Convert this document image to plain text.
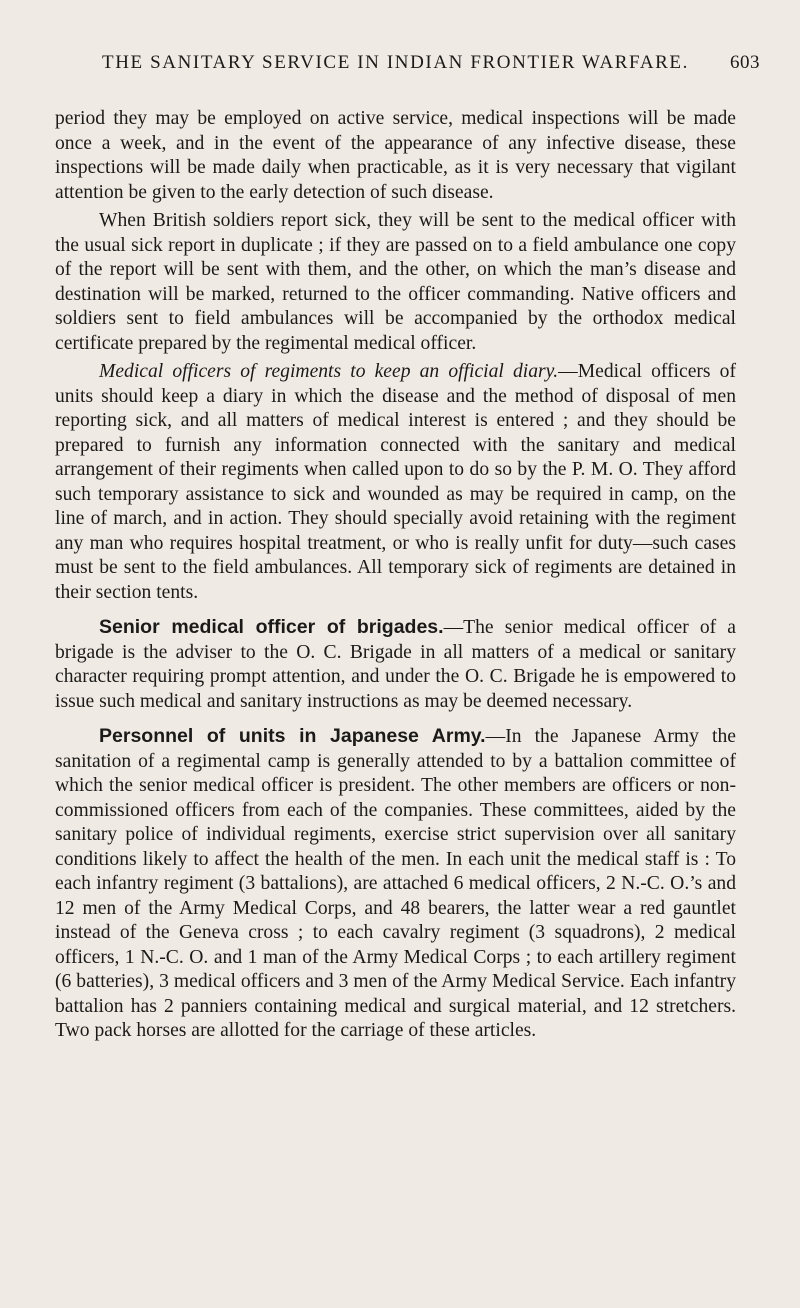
THE SANITARY SERVICE IN INDIAN FRONTIER WARFARE. 603

period they may be employed on active service, medical inspections will be made once a week, and in the event of the appearance of any infective disease, these inspections will be made daily when practicable, as it is very necessary that vigilant attention be given to the early detection of such disease.

When British soldiers report sick, they will be sent to the medical officer with the usual sick report in duplicate ; if they are passed on to a field ambulance one copy of the report will be sent with them, and the other, on which the man’s disease and destination will be marked, returned to the officer commanding. Native officers and soldiers sent to field ambulances will be accompanied by the orthodox medical certificate prepared by the regimental medical officer.

Medical officers of regiments to keep an official diary.—Medical officers of units should keep a diary in which the disease and the method of disposal of men reporting sick, and all matters of medical interest is entered ; and they should be prepared to furnish any information connected with the sanitary and medical arrangement of their regiments when called upon to do so by the P. M. O. They afford such temporary assistance to sick and wounded as may be required in camp, on the line of march, and in action. They should specially avoid retaining with the regiment any man who requires hospital treatment, or who is really unfit for duty—such cases must be sent to the field ambulances. All temporary sick of regiments are detained in their section tents.

Senior medical officer of brigades.—The senior medical officer of a brigade is the adviser to the O. C. Brigade in all matters of a medical or sanitary character requiring prompt attention, and under the O. C. Brigade he is empowered to issue such medical and sanitary instructions as may be deemed necessary.

Personnel of units in Japanese Army.—In the Japanese Army the sanitation of a regimental camp is generally attended to by a battalion committee of which the senior medical officer is president. The other members are officers or non-commissioned officers from each of the companies. These committees, aided by the sanitary police of individual regiments, exercise strict supervision over all sanitary conditions likely to affect the health of the men. In each unit the medical staff is : To each infantry regiment (3 battalions), are attached 6 medical officers, 2 N.-C. O.’s and 12 men of the Army Medical Corps, and 48 bearers, the latter wear a red gauntlet instead of the Geneva cross ; to each cavalry regiment (3 squadrons), 2 medical officers, 1 N.-C. O. and 1 man of the Army Medical Corps ; to each artillery regiment (6 batteries), 3 medical officers and 3 men of the Army Medical Service. Each infantry battalion has 2 panniers containing medical and surgical material, and 12 stretchers. Two pack horses are allotted for the carriage of these articles.
